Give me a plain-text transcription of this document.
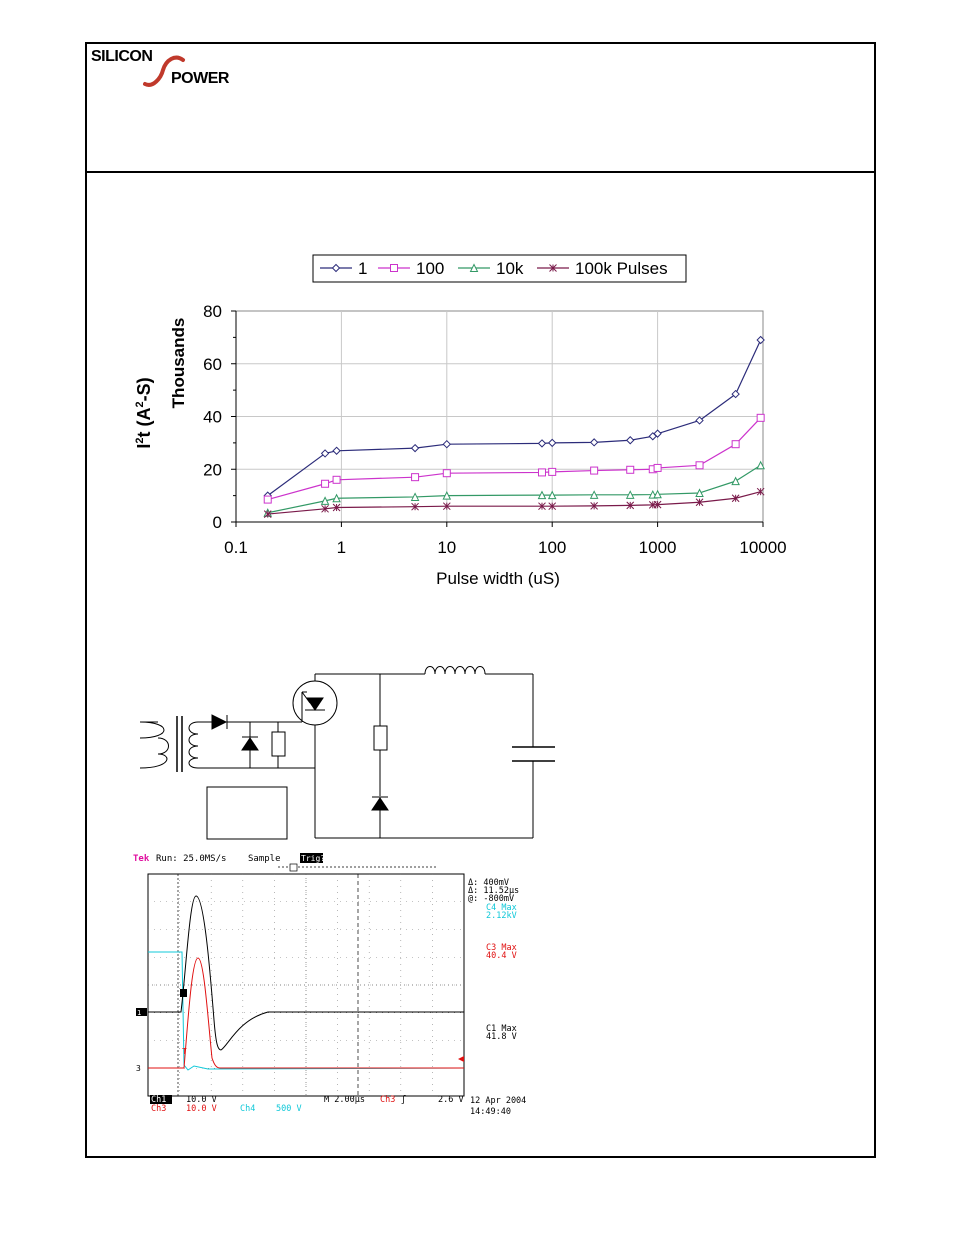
SILICON
POWER
1	100	10k	100k Pulses
0.1	1	10	100	1000	10000
0
20
40
60
80
Pulse width (uS)
Thousands
$I^2t$ $(A^2-S)$
Tek Run: 25.0MS/s Sample	Trig?
1
3
T
Δ: 400mV
Δ: 11.52µs
@: -800mV
C4 Max
2.12kV
C3 Max
40.4 V
C1 Max
41.8 V
Ch1 10.0 V
Ch3 10.0 V	Ch4 500 V
M 2.00µs Ch3 ʃ	2.6 V 12 Apr 2004
14:49:40
